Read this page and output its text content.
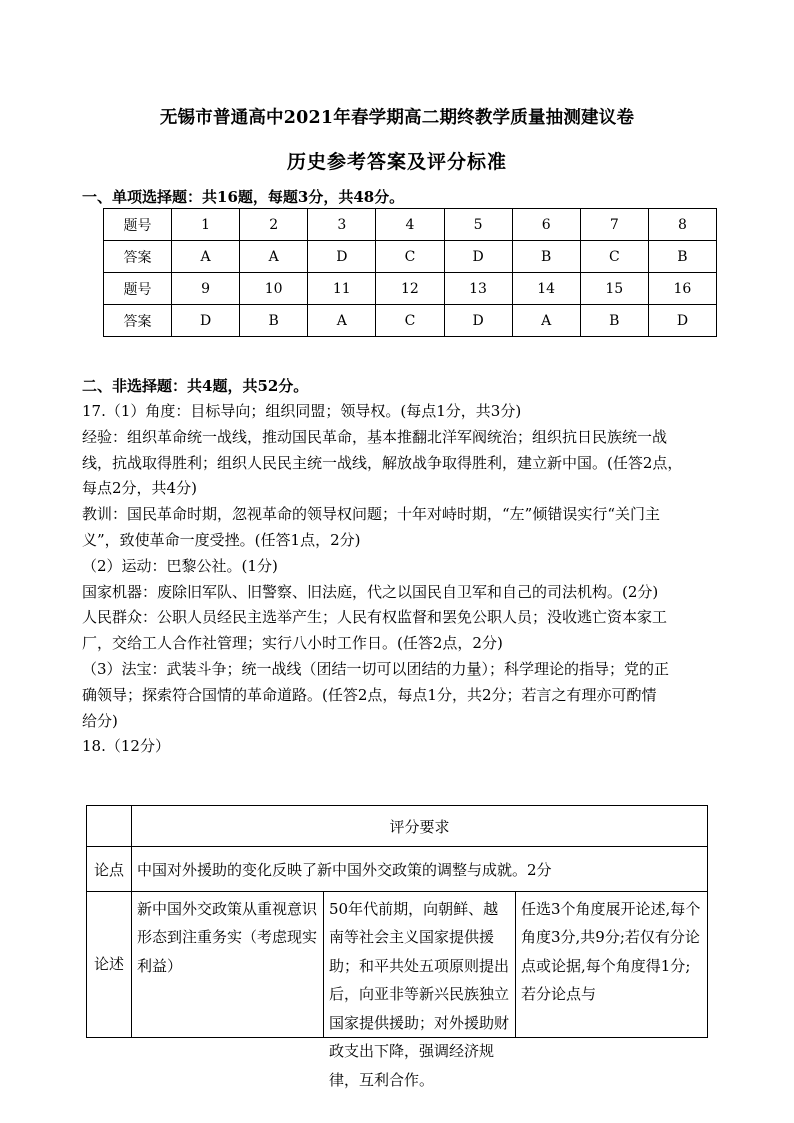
无锡市普通高中2021年春学期高二期终教学质量抽测建议卷
历史参考答案及评分标准
一、单项选择题：共16题，每题3分，共48分。
题号	1	2	3	4	5	6	7	8
答案	A	A	D	C	D	B	C	B
题号	9	10	11	12	13	14	15	16
答案	D	B	A	C	D	A	B	D
二、非选择题：共4题，共52分。

17.（1）角度：目标导向；组织同盟；领导权。(每点1分，共3分)

经验：组织革命统一战线，推动国民革命，基本推翻北洋军阀统治；组织抗日民族统一战

线，抗战取得胜利；组织人民民主统一战线，解放战争取得胜利，建立新中国。(任答2点，

每点2分，共4分)

教训：国民革命时期，忽视革命的领导权问题；十年对峙时期，“左”倾错误实行“关门主

义”，致使革命一度受挫。(任答1点，2分)

（2）运动：巴黎公社。(1分)

国家机器：废除旧军队、旧警察、旧法庭，代之以国民自卫军和自己的司法机构。(2分)

人民群众：公职人员经民主选举产生；人民有权监督和罢免公职人员；没收逃亡资本家工

厂，交给工人合作社管理；实行八小时工作日。(任答2点，2分)

（3）法宝：武装斗争；统一战线（团结一切可以团结的力量）；科学理论的指导；党的正

确领导；探索符合国情的革命道路。(任答2点，每点1分，共2分；若言之有理亦可酌情

给分)

18.（12分）

	评分要求		
论点	中国对外援助的变化反映了新中国外交政策的调整与成就。2分		
论述	新中国外交政策从重视意识形态到注重务实（考虑现实利益）	50年代前期，向朝鲜、越南等社会主义国家提供援助；和平共处五项原则提出后，向亚非等新兴民族独立国家提供援助；对外援助财政支出下降，强调经济规律，互利合作。	任选3个角度展开论述,每个角度3分,共9分;若仅有分论点或论据,每个角度得1分;若分论点与
